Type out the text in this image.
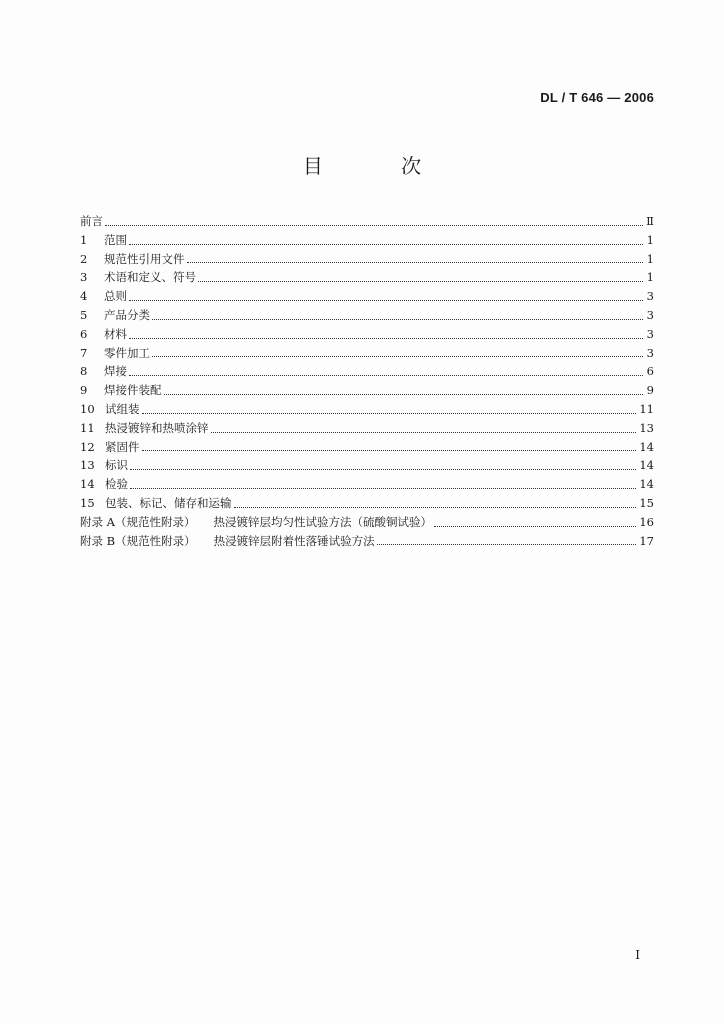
DL / T 646 — 2006
目 次
前言	Ⅱ
1	范围	1
2	规范性引用文件	1
3	术语和定义、符号	1
4	总则	3
5	产品分类	3
6	材料	3
7	零件加工	3
8	焊接	6
9	焊接件装配	9
10 试组装	11
11 热浸镀锌和热喷涂锌	13
12 紧固件	14
13 标识	14
14 检验	14
15 包装、标记、储存和运输	15
附录 A（规范性附录） 热浸镀锌层均匀性试验方法（硫酸铜试验）	16
附录 B（规范性附录） 热浸镀锌层附着性落锤试验方法	17
I
